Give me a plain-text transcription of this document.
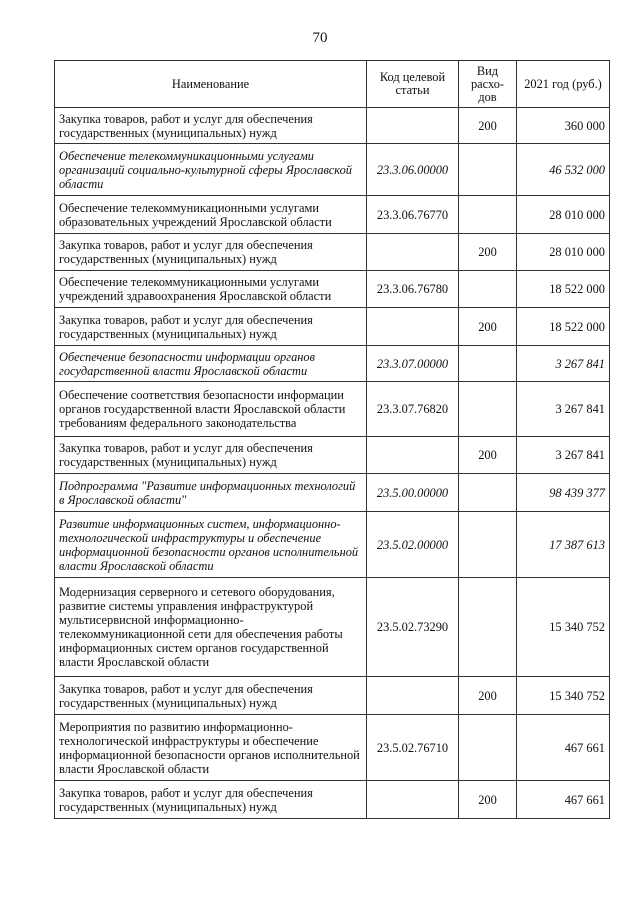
70
Наименование	Код целевой статьи	Вид расхо-дов	2021 год (руб.)
Закупка товаров, работ и услуг для обеспечения государственных (муниципальных) нужд		200	360 000
Обеспечение телекоммуникационными услугами организаций социально-культурной сферы Ярославской области	23.3.06.00000		46 532 000
Обеспечение телекоммуникационными услугами образовательных учреждений Ярославской области	23.3.06.76770		28 010 000
Закупка товаров, работ и услуг для обеспечения государственных (муниципальных) нужд		200	28 010 000
Обеспечение телекоммуникационными услугами учреждений здравоохранения Ярославской области	23.3.06.76780		18 522 000
Закупка товаров, работ и услуг для обеспечения государственных (муниципальных) нужд		200	18 522 000
Обеспечение безопасности информации органов государственной власти Ярославской области	23.3.07.00000		3 267 841
Обеспечение соответствия безопасности информации органов государственной власти Ярославской области требованиям федерального законодательства	23.3.07.76820		3 267 841
Закупка товаров, работ и услуг для обеспечения государственных (муниципальных) нужд		200	3 267 841
Подпрограмма "Развитие информационных технологий в Ярославской области"	23.5.00.00000		98 439 377
Развитие информационных систем, информационно-технологической инфраструктуры и обеспечение информационной безопасности органов исполнительной власти Ярославской области	23.5.02.00000		17 387 613
Модернизация серверного и сетевого оборудования, развитие системы управления инфраструктурой мультисервисной информационно-телекоммуникационной сети для обеспечения работы информационных систем органов государственной власти Ярославской области	23.5.02.73290		15 340 752
Закупка товаров, работ и услуг для обеспечения государственных (муниципальных) нужд		200	15 340 752
Мероприятия по развитию информационно-технологической инфраструктуры и обеспечение информационной безопасности органов исполнительной власти Ярославской области	23.5.02.76710		467 661
Закупка товаров, работ и услуг для обеспечения государственных (муниципальных) нужд		200	467 661
